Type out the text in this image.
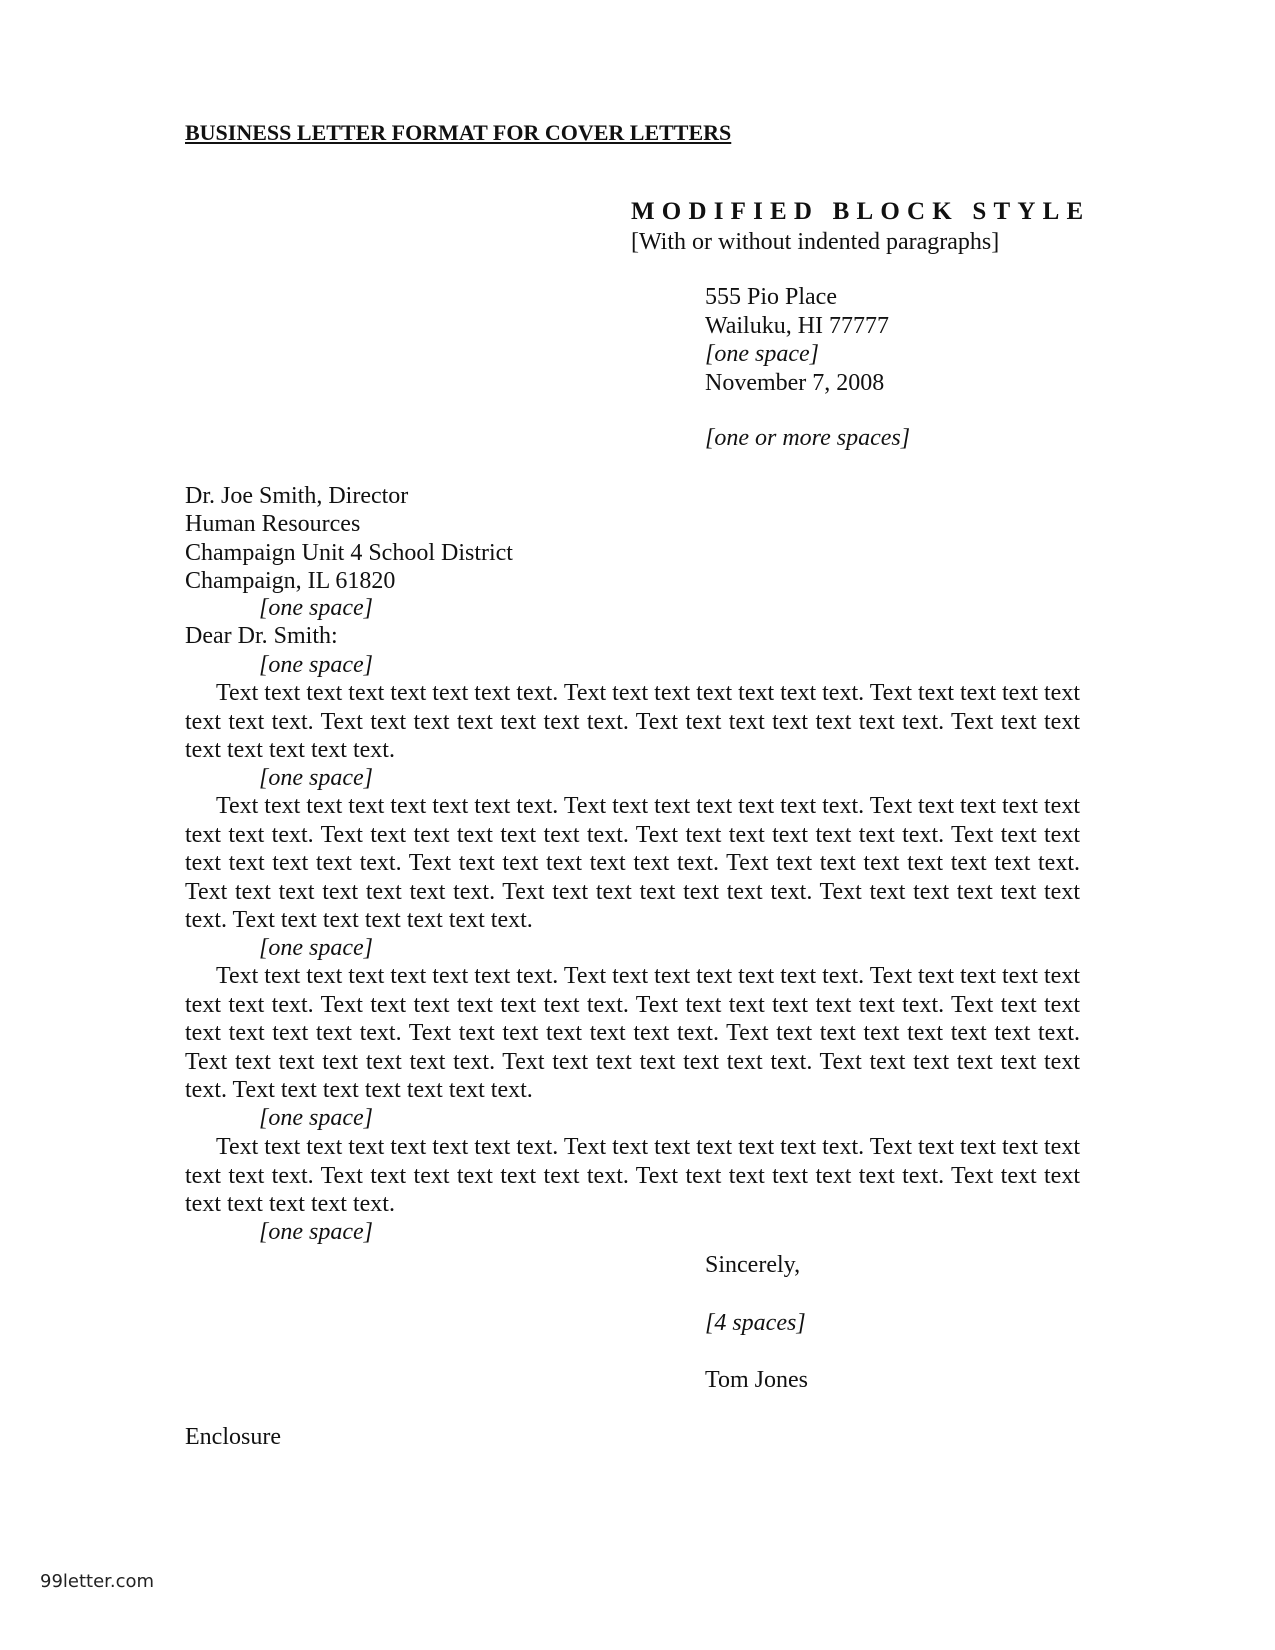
BUSINESS LETTER FORMAT FOR COVER LETTERS
MODIFIED BLOCK STYLE
[With or without indented paragraphs]
555 Pio Place
Wailuku, HI 77777
[one space]
November 7, 2008
[one or more spaces]
Dr. Joe Smith, Director
Human Resources
Champaign Unit 4 School District
Champaign, IL 61820
[one space]
Dear Dr. Smith:
[one space]
Text text text text text text text text. Text text text text text text text. Text text text text text text text text. Text text text text text text text. Text text text text text text text. Text text text text text text text text.
[one space]
Text text text text text text text text. Text text text text text text text. Text text text text text text text text. Text text text text text text text. Text text text text text text text. Text text text text text text text text. Text text text text text text text. Text text text text text text text text. Text text text text text text text. Text text text text text text text. Text text text text text text text. Text text text text text text text.
[one space]
Text text text text text text text text. Text text text text text text text. Text text text text text text text text. Text text text text text text text. Text text text text text text text. Text text text text text text text text. Text text text text text text text. Text text text text text text text text. Text text text text text text text. Text text text text text text text. Text text text text text text text. Text text text text text text text.
[one space]
Text text text text text text text text. Text text text text text text text. Text text text text text text text text. Text text text text text text text. Text text text text text text text. Text text text text text text text text.
[one space]
Sincerely,
[4 spaces]
Tom Jones
Enclosure
99letter.com
